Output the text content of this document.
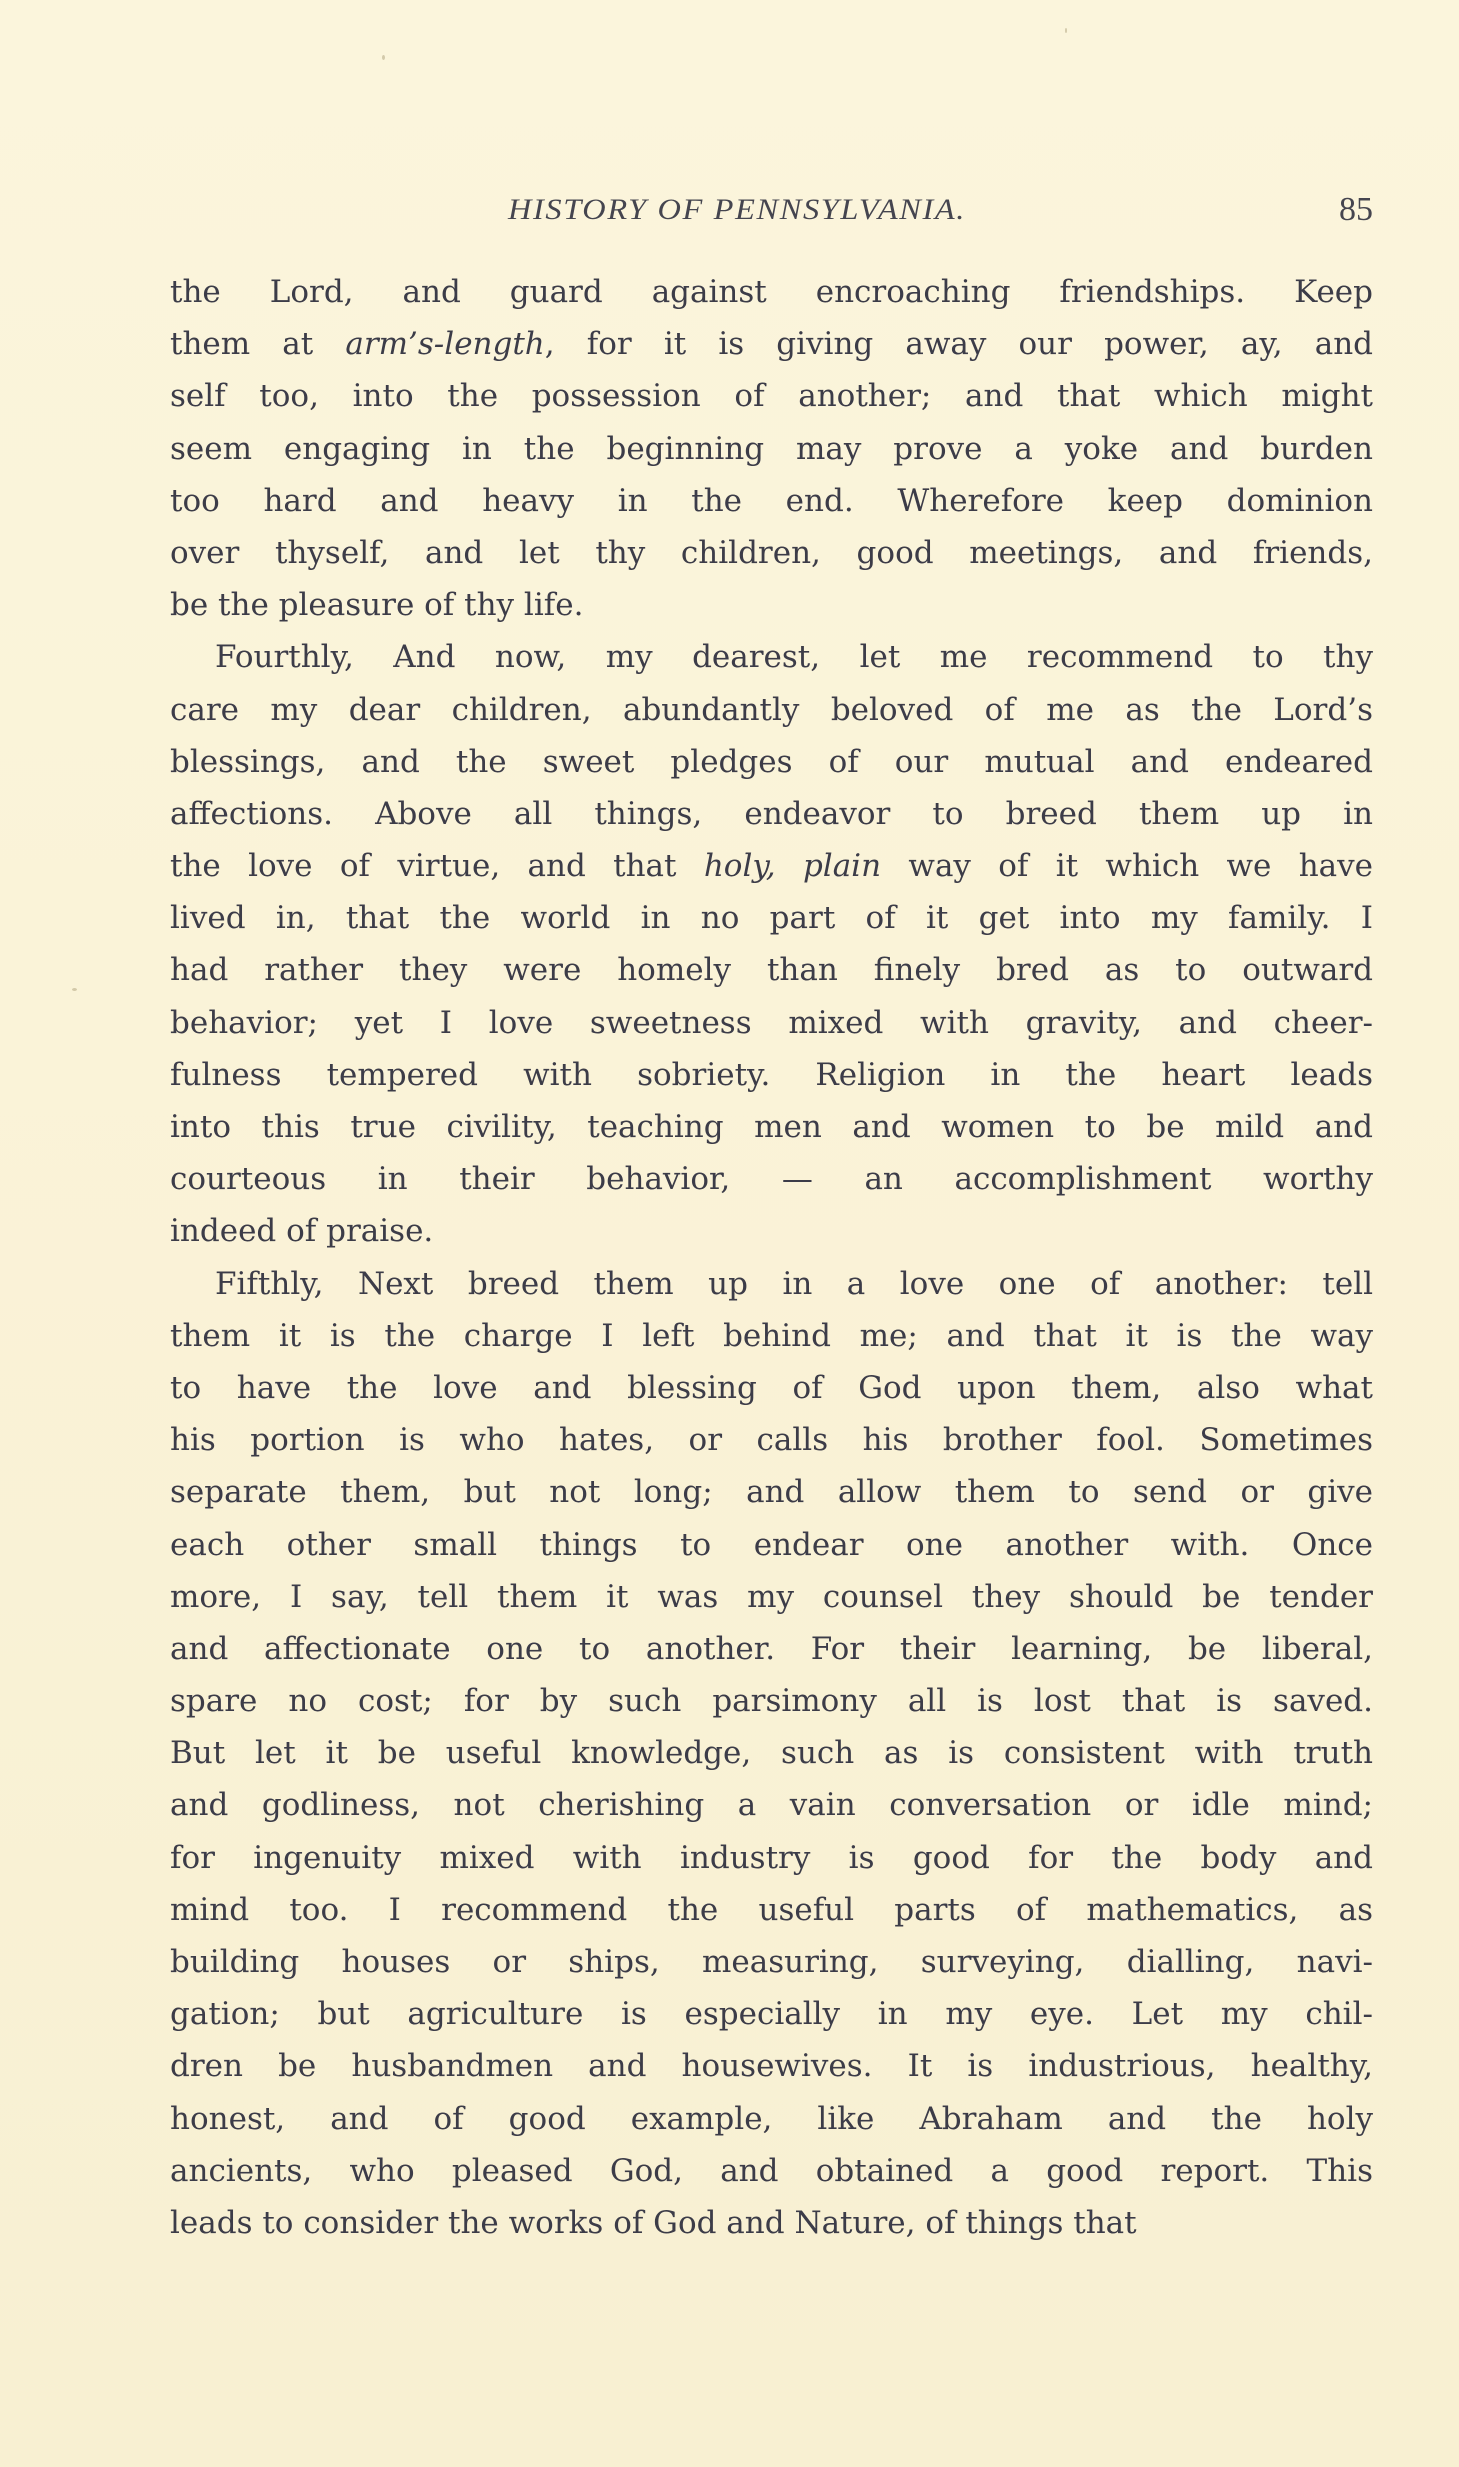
HISTORY OF PENNSYLVANIA.	85
the Lord, and guard against encroaching friendships. Keep
them at arm’s-length, for it is giving away our power, ay, and
self too, into the possession of another; and that which might
seem engaging in the beginning may prove a yoke and burden
too hard and heavy in the end. Wherefore keep dominion
over thyself, and let thy children, good meetings, and friends,
be the pleasure of thy life.
Fourthly, And now, my dearest, let me recommend to thy
care my dear children, abundantly beloved of me as the Lord’s
blessings, and the sweet pledges of our mutual and endeared
affections. Above all things, endeavor to breed them up in
the love of virtue, and that holy, plain way of it which we have
lived in, that the world in no part of it get into my family. I
had rather they were homely than finely bred as to outward
behavior; yet I love sweetness mixed with gravity, and cheer-
fulness tempered with sobriety. Religion in the heart leads
into this true civility, teaching men and women to be mild and
courteous in their behavior, — an accomplishment worthy
indeed of praise.
Fifthly, Next breed them up in a love one of another: tell
them it is the charge I left behind me; and that it is the way
to have the love and blessing of God upon them, also what
his portion is who hates, or calls his brother fool. Sometimes
separate them, but not long; and allow them to send or give
each other small things to endear one another with. Once
more, I say, tell them it was my counsel they should be tender
and affectionate one to another. For their learning, be liberal,
spare no cost; for by such parsimony all is lost that is saved.
But let it be useful knowledge, such as is consistent with truth
and godliness, not cherishing a vain conversation or idle mind;
for ingenuity mixed with industry is good for the body and
mind too. I recommend the useful parts of mathematics, as
building houses or ships, measuring, surveying, dialling, navi-
gation; but agriculture is especially in my eye. Let my chil-
dren be husbandmen and housewives. It is industrious, healthy,
honest, and of good example, like Abraham and the holy
ancients, who pleased God, and obtained a good report. This
leads to consider the works of God and Nature, of things that
